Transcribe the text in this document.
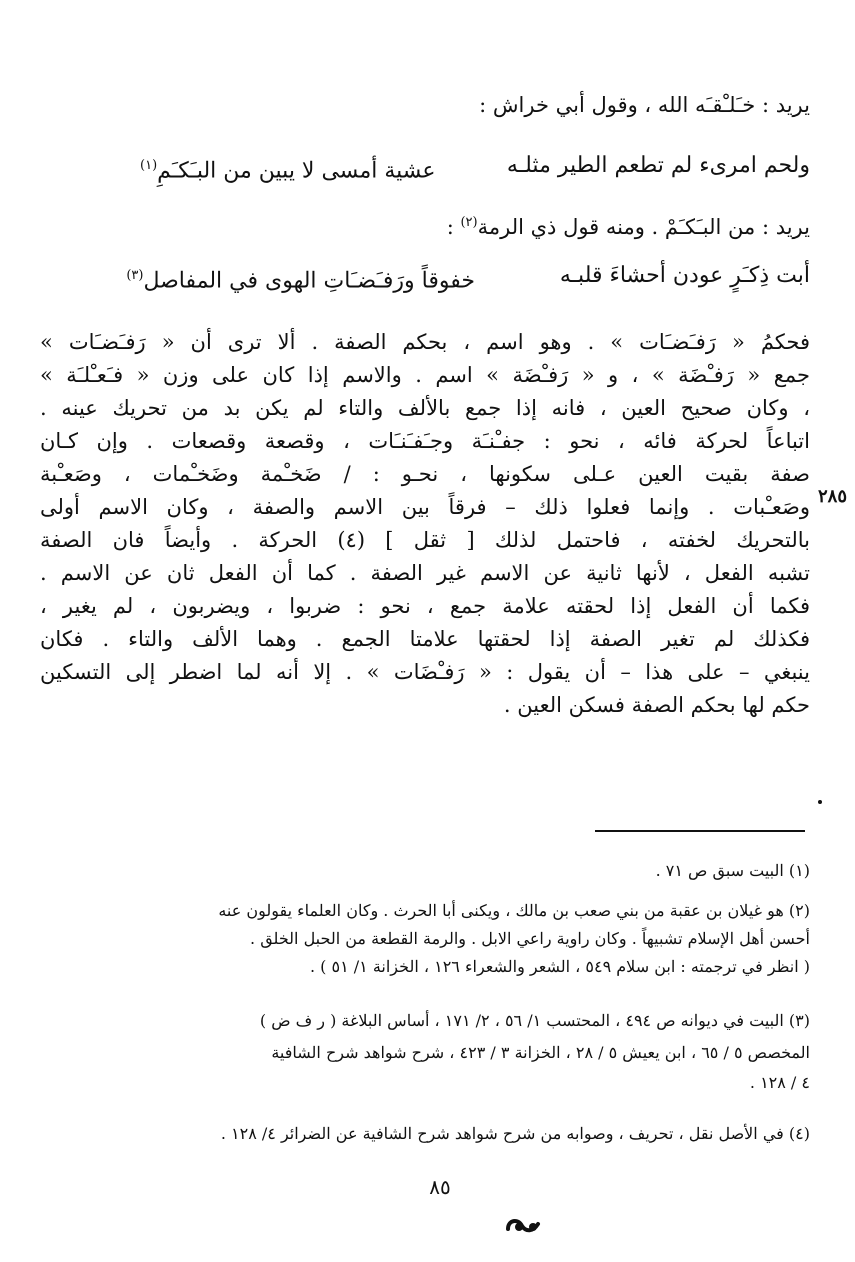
يريد : خـَلـْقـَه الله ، وقول أبي خراش :
ولحم امرىء لم تطعم الطير مثلـه
عشية أمسى لا يبين من البـَكـَمِ$^{(١)}$
يريد : من البـَكـَمْ . ومنه قول ذي الرمة$^{(٢)}$ :
أبت ذِكـَرٍ عودن أحشاءَ قلبـه
خفوقاً ورَفـَضـَاتِ الهوى في المفاصل$^{(٣)}$
فحكمُ « رَفـَضـَات » . وهو اسم ، بحكم الصفة . ألا ترى أن « رَفـَضـَات »
جمع « رَفـْضَة » ، و « رَفـْضَة » اسم . والاسم إذا كان على وزن « فـَعـْلـَة »
، وكان صحيح العين ، فانه إذا جمع بالألف والتاء لم يكن بد من تحريك عينه .
اتباعاً لحركة فائه ، نحو : جفـْنـَة وجـَفـَنـَات ، وقصعة وقصعات . وإن كـان
صفة بقيت العين عـلى سكونها ، نحـو : / ضَخـْمة وضَخـْمات ، وصَعـْبة
وصَعـْبات . وإنما فعلوا ذلك – فرقاً بين الاسم والصفة ، وكان الاسم أولى
بالتحريك لخفته ، فاحتمل لذلك [ ثقل ] (٤) الحركة . وأيضاً فان الصفة
تشبه الفعل ، لأنها ثانية عن الاسم غير الصفة . كما أن الفعل ثان عن الاسم .
فكما أن الفعل إذا لحقته علامة جمع ، نحو : ضربوا ، ويضربون ، لم يغير ،
فكذلك لم تغير الصفة إذا لحقتها علامتا الجمع . وهما الألف والتاء . فكان
ينبغي – على هذا – أن يقول : « رَفـْضَات » . إلا أنه لما اضطر إلى التسكين
حكم لها بحكم الصفة فسكن العين .
٢٨٥
(١) البيت سبق ص ٧١ .
(٢) هو غيلان بن عقبة من بني صعب بن مالك ، ويكنى أبا الحرث . وكان العلماء يقولون عنه
أحسن أهل الإسلام تشبيهاً . وكان راوية راعي الابل . والرمة القطعة من الحبل الخلق .
( انظر في ترجمته : ابن سلام ٥٤٩ ، الشعر والشعراء ١٢٦ ، الخزانة ١/ ٥١ ) .
(٣) البيت في ديوانه ص ٤٩٤ ، المحتسب ١/ ٥٦ ، ٢/ ١٧١ ، أساس البلاغة ( ر ف ض )
المخصص ٥ / ٦٥ ، ابن يعيش ٥ / ٢٨ ، الخزانة ٣ / ٤٢٣ ، شرح شواهد شرح الشافية
٤ / ١٢٨ .
(٤) في الأصل نقل ، تحريف ، وصوابه من شرح شواهد شرح الشافية عن الضرائر ٤/ ١٢٨ .
٨٥
